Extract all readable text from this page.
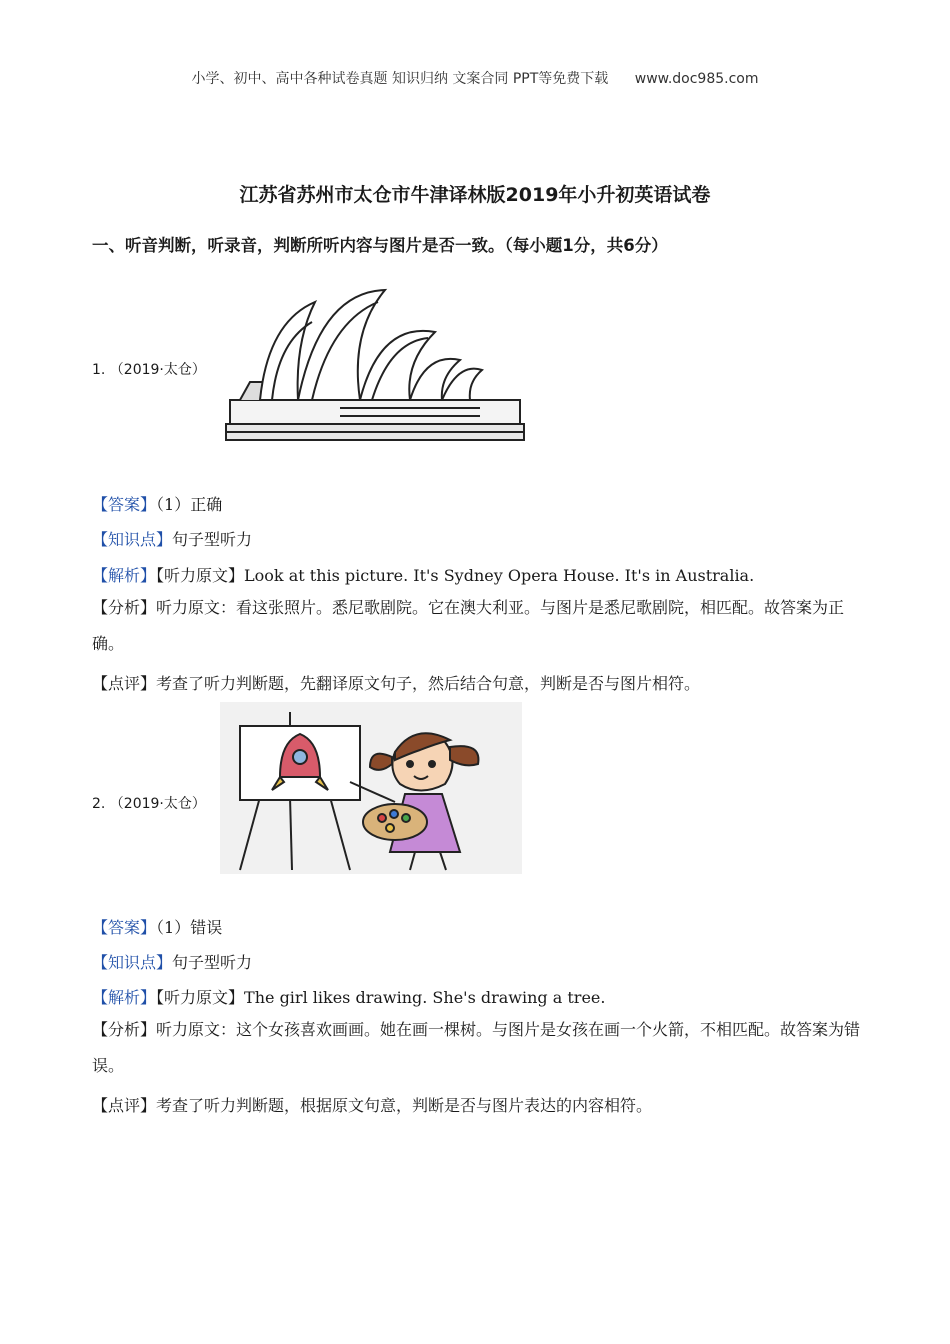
小学、初中、高中各种试卷真题 知识归纳 文案合同 PPT等免费下载 www.doc985.com
江苏省苏州市太仓市牛津译林版2019年小升初英语试卷
一、听音判断，听录音，判断所听内容与图片是否一致。（每小题1分，共6分）
1. （2019·太仓）
【答案】（1）正确
【知识点】句子型听力
【解析】【听力原文】Look at this picture. It's Sydney Opera House. It's in Australia.
【分析】听力原文：看这张照片。悉尼歌剧院。它在澳大利亚。与图片是悉尼歌剧院，相匹配。故答案为正确。
【点评】考查了听力判断题，先翻译原文句子，然后结合句意，判断是否与图片相符。
2. （2019·太仓）
【答案】（1）错误
【知识点】句子型听力
【解析】【听力原文】The girl likes drawing. She's drawing a tree.
【分析】听力原文：这个女孩喜欢画画。她在画一棵树。与图片是女孩在画一个火箭，不相匹配。故答案为错误。
【点评】考查了听力判断题，根据原文句意，判断是否与图片表达的内容相符。
